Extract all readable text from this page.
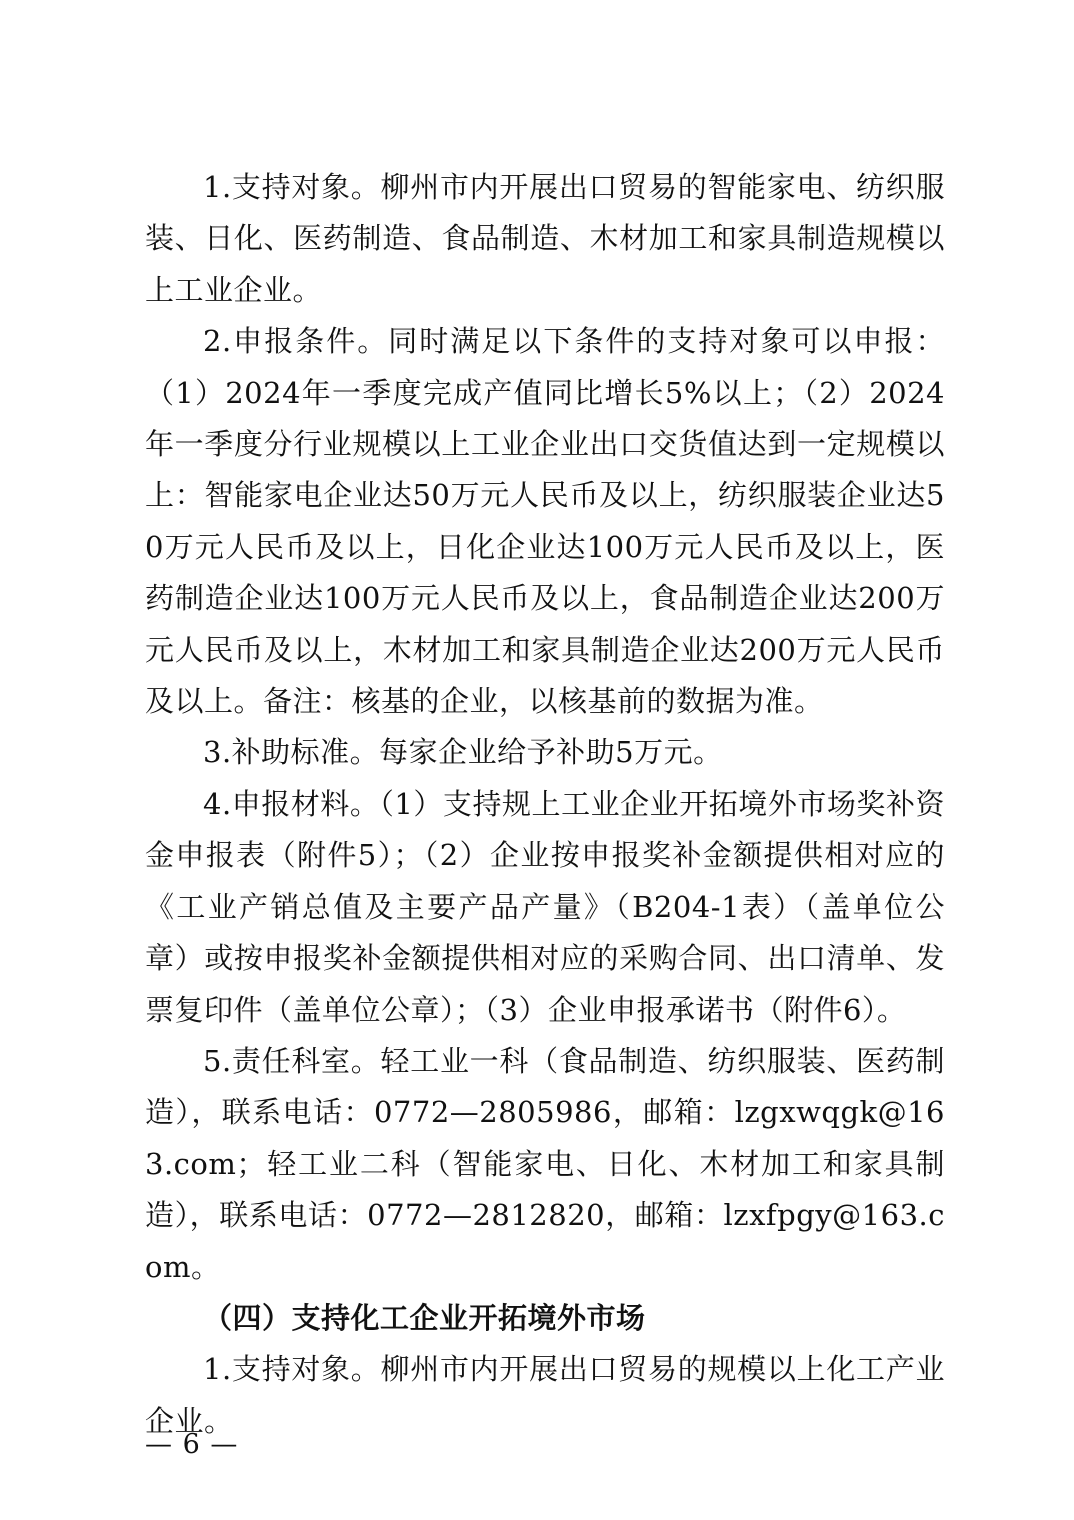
1.支持对象。柳州市内开展出口贸易的智能家电、纺织服装、日化、医药制造、食品制造、木材加工和家具制造规模以上工业企业。

2.申报条件。同时满足以下条件的支持对象可以申报：（1）2024年一季度完成产值同比增长5%以上；（2）2024年一季度分行业规模以上工业企业出口交货值达到一定规模以上：智能家电企业达50万元人民币及以上，纺织服装企业达50万元人民币及以上，日化企业达100万元人民币及以上，医药制造企业达100万元人民币及以上，食品制造企业达200万元人民币及以上，木材加工和家具制造企业达200万元人民币及以上。备注：核基的企业，以核基前的数据为准。

3.补助标准。每家企业给予补助5万元。

4.申报材料。（1）支持规上工业企业开拓境外市场奖补资金申报表（附件5）；（2）企业按申报奖补金额提供相对应的《工业产销总值及主要产品产量》（B204-1表）（盖单位公章）或按申报奖补金额提供相对应的采购合同、出口清单、发票复印件（盖单位公章）；（3）企业申报承诺书（附件6）。

5.责任科室。轻工业一科（食品制造、纺织服装、医药制造），联系电话：0772—2805986，邮箱：lzgxwqgk@163.com；轻工业二科（智能家电、日化、木材加工和家具制造），联系电话：0772—2812820，邮箱：lzxfpgy@163.com。

（四）支持化工企业开拓境外市场

1.支持对象。柳州市内开展出口贸易的规模以上化工产业企业。

— 6 —
